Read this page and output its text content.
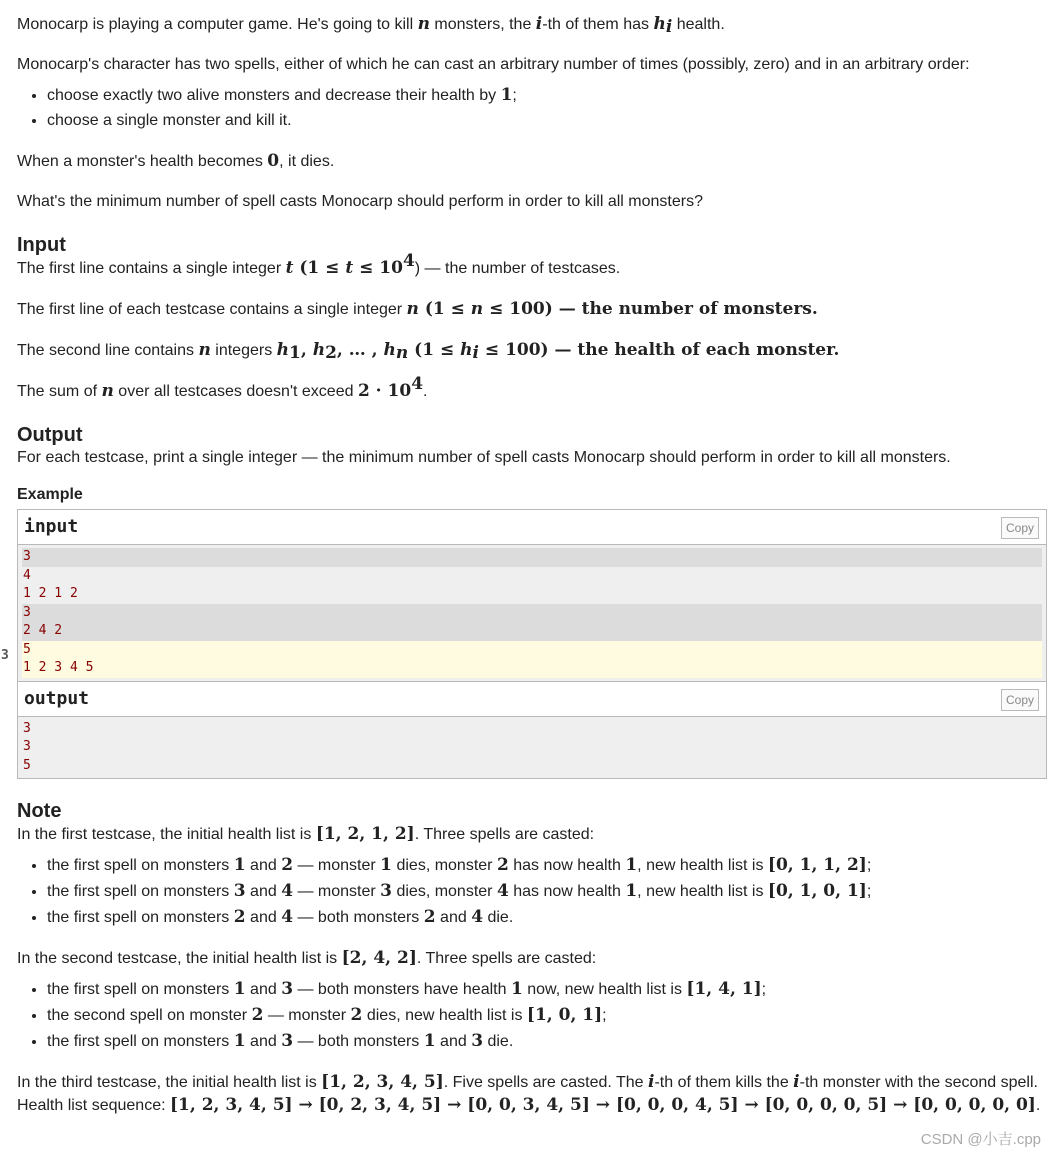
Monocarp is playing a computer game. He's going to kill n monsters, the i-th of them has $h_i$ health.

Monocarp's character has two spells, either of which he can cast an arbitrary number of times (possibly, zero) and in an arbitrary order:

• choose exactly two alive monsters and decrease their health by 1;
• choose a single monster and kill it.

When a monster's health becomes 0, it dies.

What's the minimum number of spell casts Monocarp should perform in order to kill all monsters?

Input

The first line contains a single integer t $(1 \le t \le 10^4)$ — the number of testcases.

The first line of each testcase contains a single integer n (1 ≤ n ≤ 100) — the number of monsters.

The second line contains n integers $h_1$, $h_2$, … , $h_n$ $(1 \le h_i \le 100)$ — the health of each monster.

The sum of n over all testcases doesn't exceed $2 \cdot 10^4$.

Output

For each testcase, print a single integer — the minimum number of spell casts Monocarp should perform in order to kill all monsters.

Example
3
input	Copy
3
4
1 2 1 2
3
2 4 2
5
1 2 3 4 5
output	Copy
3
3
5
Note

In the first testcase, the initial health list is [1, 2, 1, 2]. Three spells are casted:

• the first spell on monsters 1 and 2 — monster 1 dies, monster 2 has now health 1, new health list is [0, 1, 1, 2];
• the first spell on monsters 3 and 4 — monster 3 dies, monster 4 has now health 1, new health list is [0, 1, 0, 1];
• the first spell on monsters 2 and 4 — both monsters 2 and 4 die.

In the second testcase, the initial health list is [2, 4, 2]. Three spells are casted:

• the first spell on monsters 1 and 3 — both monsters have health 1 now, new health list is [1, 4, 1];
• the second spell on monster 2 — monster 2 dies, new health list is [1, 0, 1];
• the first spell on monsters 1 and 3 — both monsters 1 and 3 die.

In the third testcase, the initial health list is [1, 2, 3, 4, 5]. Five spells are casted. The i-th of them kills the i-th monster with the second spell. Health list sequence: [1, 2, 3, 4, 5] → [0, 2, 3, 4, 5] → [0, 0, 3, 4, 5] → [0, 0, 0, 4, 5] → [0, 0, 0, 0, 5] → [0, 0, 0, 0, 0].

CSDN @小吉.cpp
